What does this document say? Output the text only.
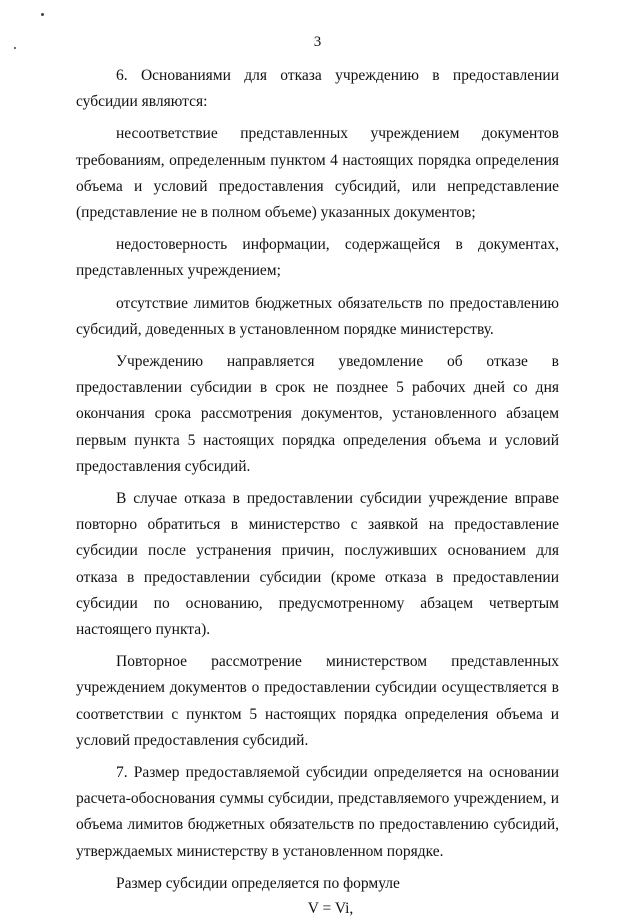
3

6. Основаниями для отказа учреждению в предоставлении субсидии являются:

несоответствие представленных учреждением документов требованиям, определенным пунктом 4 настоящих порядка определения объема и условий предоставления субсидий, или непредставление (представление не в полном объеме) указанных документов;

недостоверность информации, содержащейся в документах, представленных учреждением;

отсутствие лимитов бюджетных обязательств по предоставлению субсидий, доведенных в установленном порядке министерству.

Учреждению направляется уведомление об отказе в предоставлении субсидии в срок не позднее 5 рабочих дней со дня окончания срока рассмотрения документов, установленного абзацем первым пункта 5 настоящих порядка определения объема и условий предоставления субсидий.

В случае отказа в предоставлении субсидии учреждение вправе повторно обратиться в министерство с заявкой на предоставление субсидии после устранения причин, послуживших основанием для отказа в предоставлении субсидии (кроме отказа в предоставлении субсидии по основанию, предусмотренному абзацем четвертым настоящего пункта).

Повторное рассмотрение министерством представленных учреждением документов о предоставлении субсидии осуществляется в соответствии с пунктом 5 настоящих порядка определения объема и условий предоставления субсидий.

7. Размер предоставляемой субсидии определяется на основании расчета-обоснования суммы субсидии, представляемого учреждением, и объема лимитов бюджетных обязательств по предоставлению субсидий, утверждаемых министерству в установленном порядке.

Размер субсидии определяется по формуле

V = Vi,
